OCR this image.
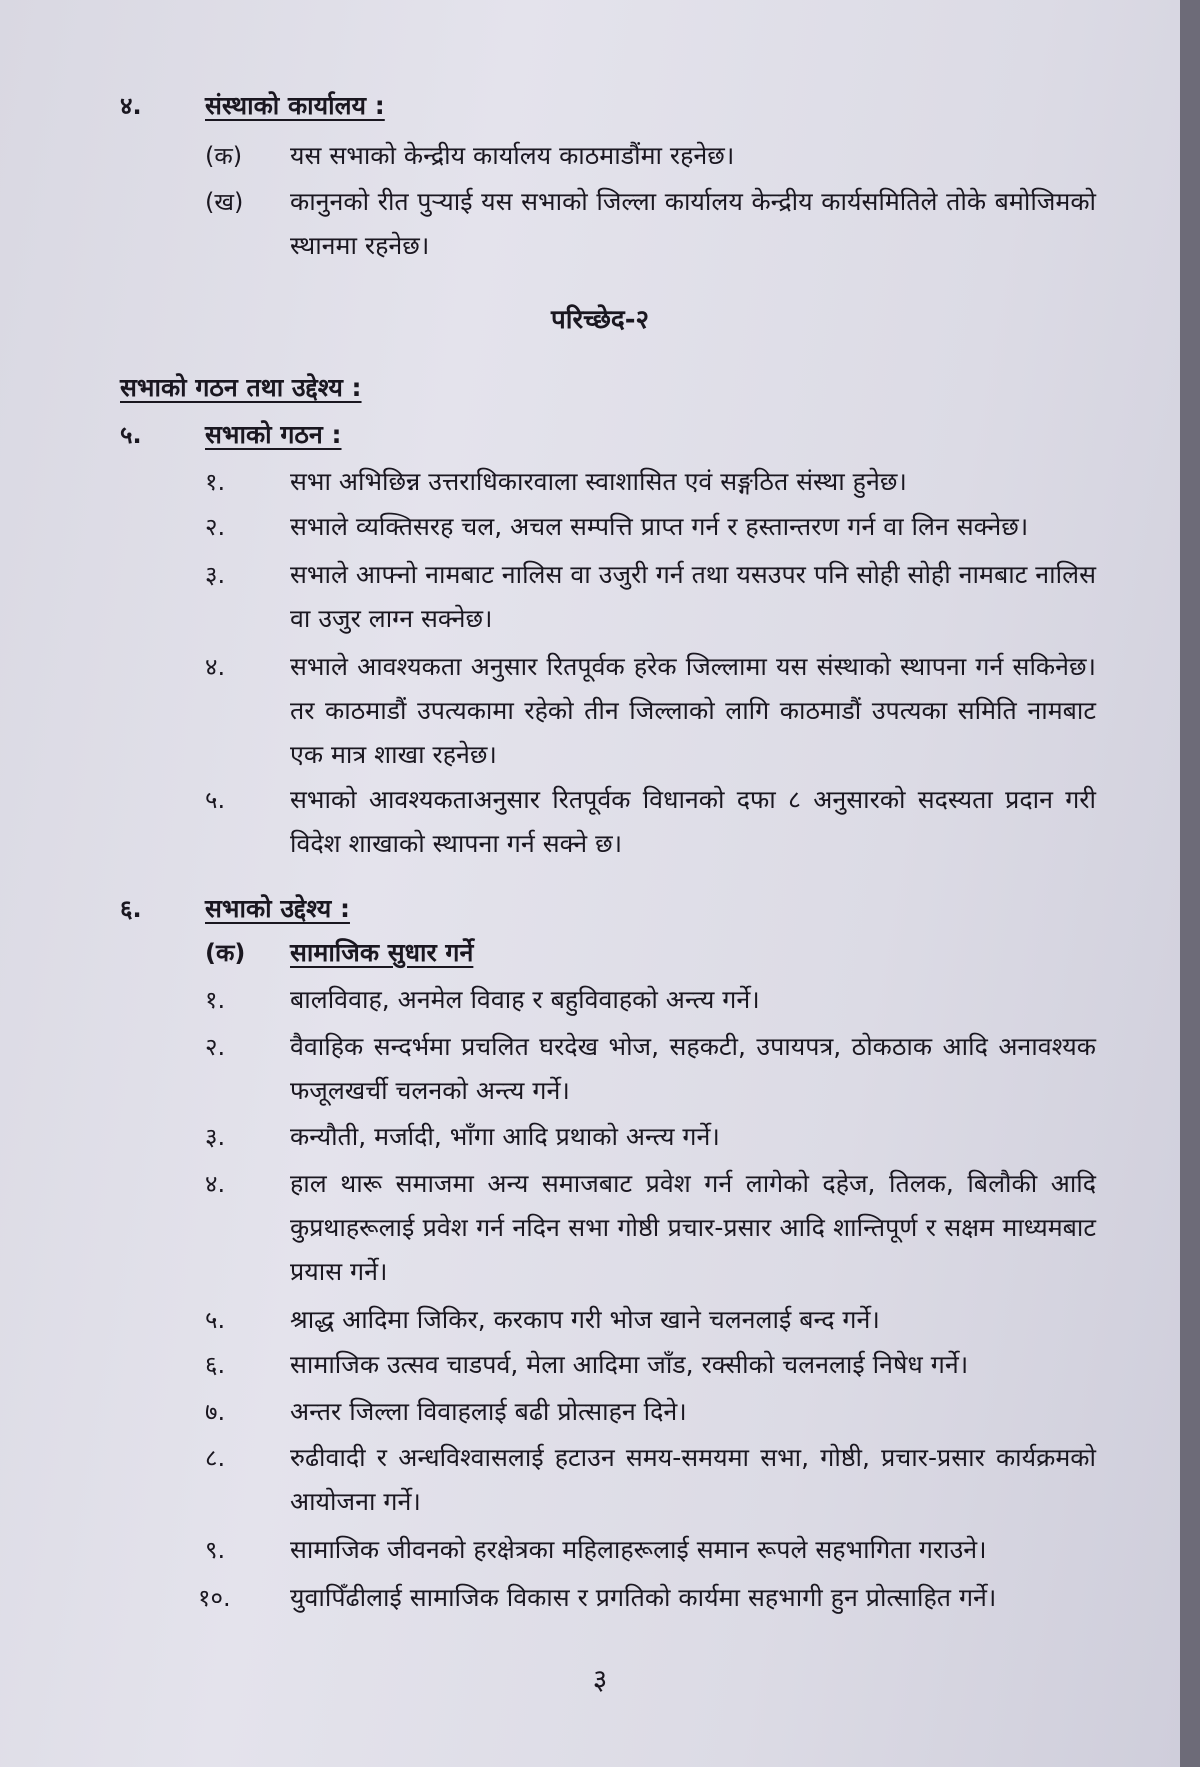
४.	संस्थाको कार्यालय :
(क) यस सभाको केन्द्रीय कार्यालय काठमाडौंमा रहनेछ।
(ख) कानुनको रीत पुऱ्याई यस सभाको जिल्ला कार्यालय केन्द्रीय कार्यसमितिले तोके बमोजिमको स्थानमा रहनेछ।
परिच्छेद-२
सभाको गठन तथा उद्देश्य :
५.	सभाको गठन :
१.	सभा अभिछिन्न उत्तराधिकारवाला स्वाशासित एवं सङ्गठित संस्था हुनेछ।
२.	सभाले व्यक्तिसरह चल, अचल सम्पत्ति प्राप्त गर्न र हस्तान्तरण गर्न वा लिन सक्नेछ।
३.	सभाले आफ्नो नामबाट नालिस वा उजुरी गर्न तथा यसउपर पनि सोही सोही नामबाट नालिस वा उजुर लाग्न सक्नेछ।
४.	सभाले आवश्यकता अनुसार रितपूर्वक हरेक जिल्लामा यस संस्थाको स्थापना गर्न सकिनेछ। तर काठमाडौं उपत्यकामा रहेको तीन जिल्लाको लागि काठमाडौं उपत्यका समिति नामबाट एक मात्र शाखा रहनेछ।
५.	सभाको आवश्यकताअनुसार रितपूर्वक विधानको दफा ८ अनुसारको सदस्यता प्रदान गरी विदेश शाखाको स्थापना गर्न सक्ने छ।
६.	सभाको उद्देश्य :
(क) सामाजिक सुधार गर्ने
१.	बालविवाह, अनमेल विवाह र बहुविवाहको अन्त्य गर्ने।
२.	वैवाहिक सन्दर्भमा प्रचलित घरदेख भोज, सहकटी, उपायपत्र, ठोकठाक आदि अनावश्यक फजूलखर्ची चलनको अन्त्य गर्ने।
३.	कन्यौती, मर्जादी, भाँगा आदि प्रथाको अन्त्य गर्ने।
४.	हाल थारू समाजमा अन्य समाजबाट प्रवेश गर्न लागेको दहेज, तिलक, बिलौकी आदि कुप्रथाहरूलाई प्रवेश गर्न नदिन सभा गोष्ठी प्रचार-प्रसार आदि शान्तिपूर्ण र सक्षम माध्यमबाट प्रयास गर्ने।
५.	श्राद्ध आदिमा जिकिर, करकाप गरी भोज खाने चलनलाई बन्द गर्ने।
६.	सामाजिक उत्सव चाडपर्व, मेला आदिमा जाँड, रक्सीको चलनलाई निषेध गर्ने।
७.	अन्तर जिल्ला विवाहलाई बढी प्रोत्साहन दिने।
८.	रुढीवादी र अन्धविश्वासलाई हटाउन समय-समयमा सभा, गोष्ठी, प्रचार-प्रसार कार्यक्रमको आयोजना गर्ने।
९.	सामाजिक जीवनको हरक्षेत्रका महिलाहरूलाई समान रूपले सहभागिता गराउने।
१०. युवापिँढीलाई सामाजिक विकास र प्रगतिको कार्यमा सहभागी हुन प्रोत्साहित गर्ने।
३
